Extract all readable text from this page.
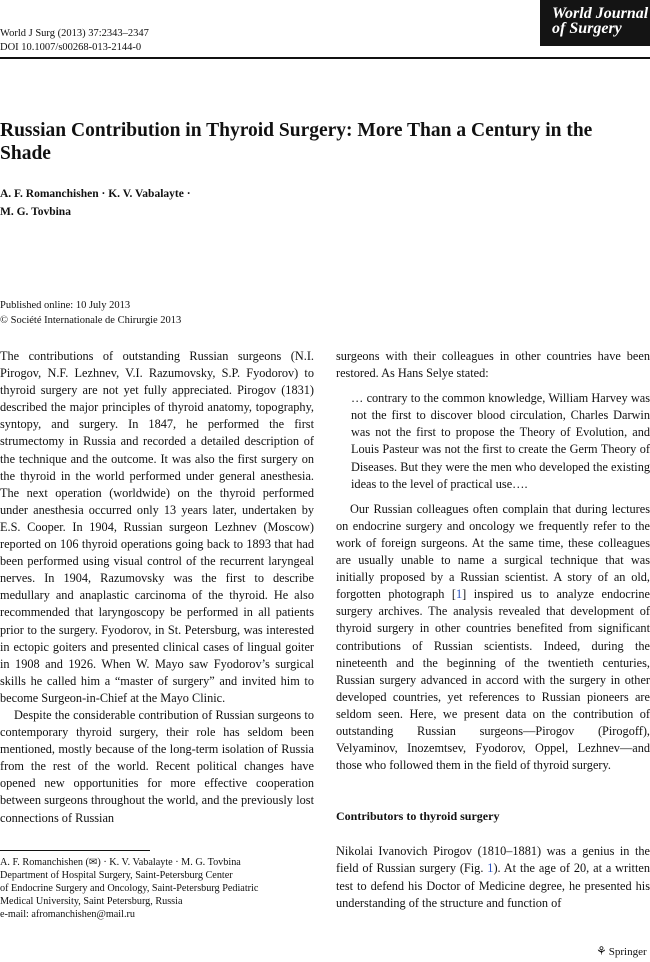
World J Surg (2013) 37:2343–2347
DOI 10.1007/s00268-013-2144-0
World Journal
of Surgery
Russian Contribution in Thyroid Surgery: More Than a Century in the Shade
A. F. Romanchishen · K. V. Vabalayte ·
M. G. Tovbina
Published online: 10 July 2013
© Société Internationale de Chirurgie 2013

The contributions of outstanding Russian surgeons (N.I. Pirogov, N.F. Lezhnev, V.I. Razumovsky, S.P. Fyodorov) to thyroid surgery are not yet fully appreciated. Pirogov (1831) described the major principles of thyroid anatomy, topography, syntopy, and surgery. In 1847, he performed the first strumectomy in Russia and recorded a detailed description of the technique and the outcome. It was also the first surgery on the thyroid in the world performed under general anesthesia. The next operation (worldwide) on the thyroid performed under anesthesia occurred only 13 years later, undertaken by E.S. Cooper. In 1904, Russian surgeon Lezhnev (Moscow) reported on 106 thyroid operations going back to 1893 that had been performed using visual control of the recurrent laryngeal nerves. In 1904, Razumovsky was the first to describe medullary and anaplastic carcinoma of the thyroid. He also recommended that laryngoscopy be performed in all patients prior to the surgery. Fyodorov, in St. Petersburg, was interested in ectopic goiters and presented clinical cases of lingual goiter in 1908 and 1926. When W. Mayo saw Fyodorov’s surgical skills he called him a “master of surgery” and invited him to become Surgeon-in-Chief at the Mayo Clinic.

Despite the considerable contribution of Russian surgeons to contemporary thyroid surgery, their role has seldom been mentioned, mostly because of the long-term isolation of Russia from the rest of the world. Recent political changes have opened new opportunities for more effective cooperation between surgeons throughout the world, and the previously lost connections of Russian

surgeons with their colleagues in other countries have been restored. As Hans Selye stated:

… contrary to the common knowledge, William Harvey was not the first to discover blood circulation, Charles Darwin was not the first to propose the Theory of Evolution, and Louis Pasteur was not the first to create the Germ Theory of Diseases. But they were the men who developed the existing ideas to the level of practical use….

Our Russian colleagues often complain that during lectures on endocrine surgery and oncology we frequently refer to the work of foreign surgeons. At the same time, these colleagues are usually unable to name a surgical technique that was initially proposed by a Russian scientist. A story of an old, forgotten photograph [1] inspired us to analyze endocrine surgery archives. The analysis revealed that development of thyroid surgery in other countries benefited from significant contributions of Russian scientists. Indeed, during the nineteenth and the beginning of the twentieth centuries, Russian surgery advanced in accord with the surgery in other developed countries, yet references to Russian pioneers are seldom seen. Here, we present data on the contribution of outstanding Russian surgeons—Pirogov (Pirogoff), Velyaminov, Inozemtsev, Fyodorov, Oppel, Lezhnev—and those who followed them in the field of thyroid surgery.

Contributors to thyroid surgery

Nikolai Ivanovich Pirogov (1810–1881) was a genius in the field of Russian surgery (Fig. 1). At the age of 20, at a written test to defend his Doctor of Medicine degree, he presented his understanding of the structure and function of

A. F. Romanchishen (✉) · K. V. Vabalayte · M. G. Tovbina
Department of Hospital Surgery, Saint-Petersburg Center
of Endocrine Surgery and Oncology, Saint-Petersburg Pediatric
Medical University, Saint Petersburg, Russia
e-mail: afromanchishen@mail.ru
⚘ Springer
